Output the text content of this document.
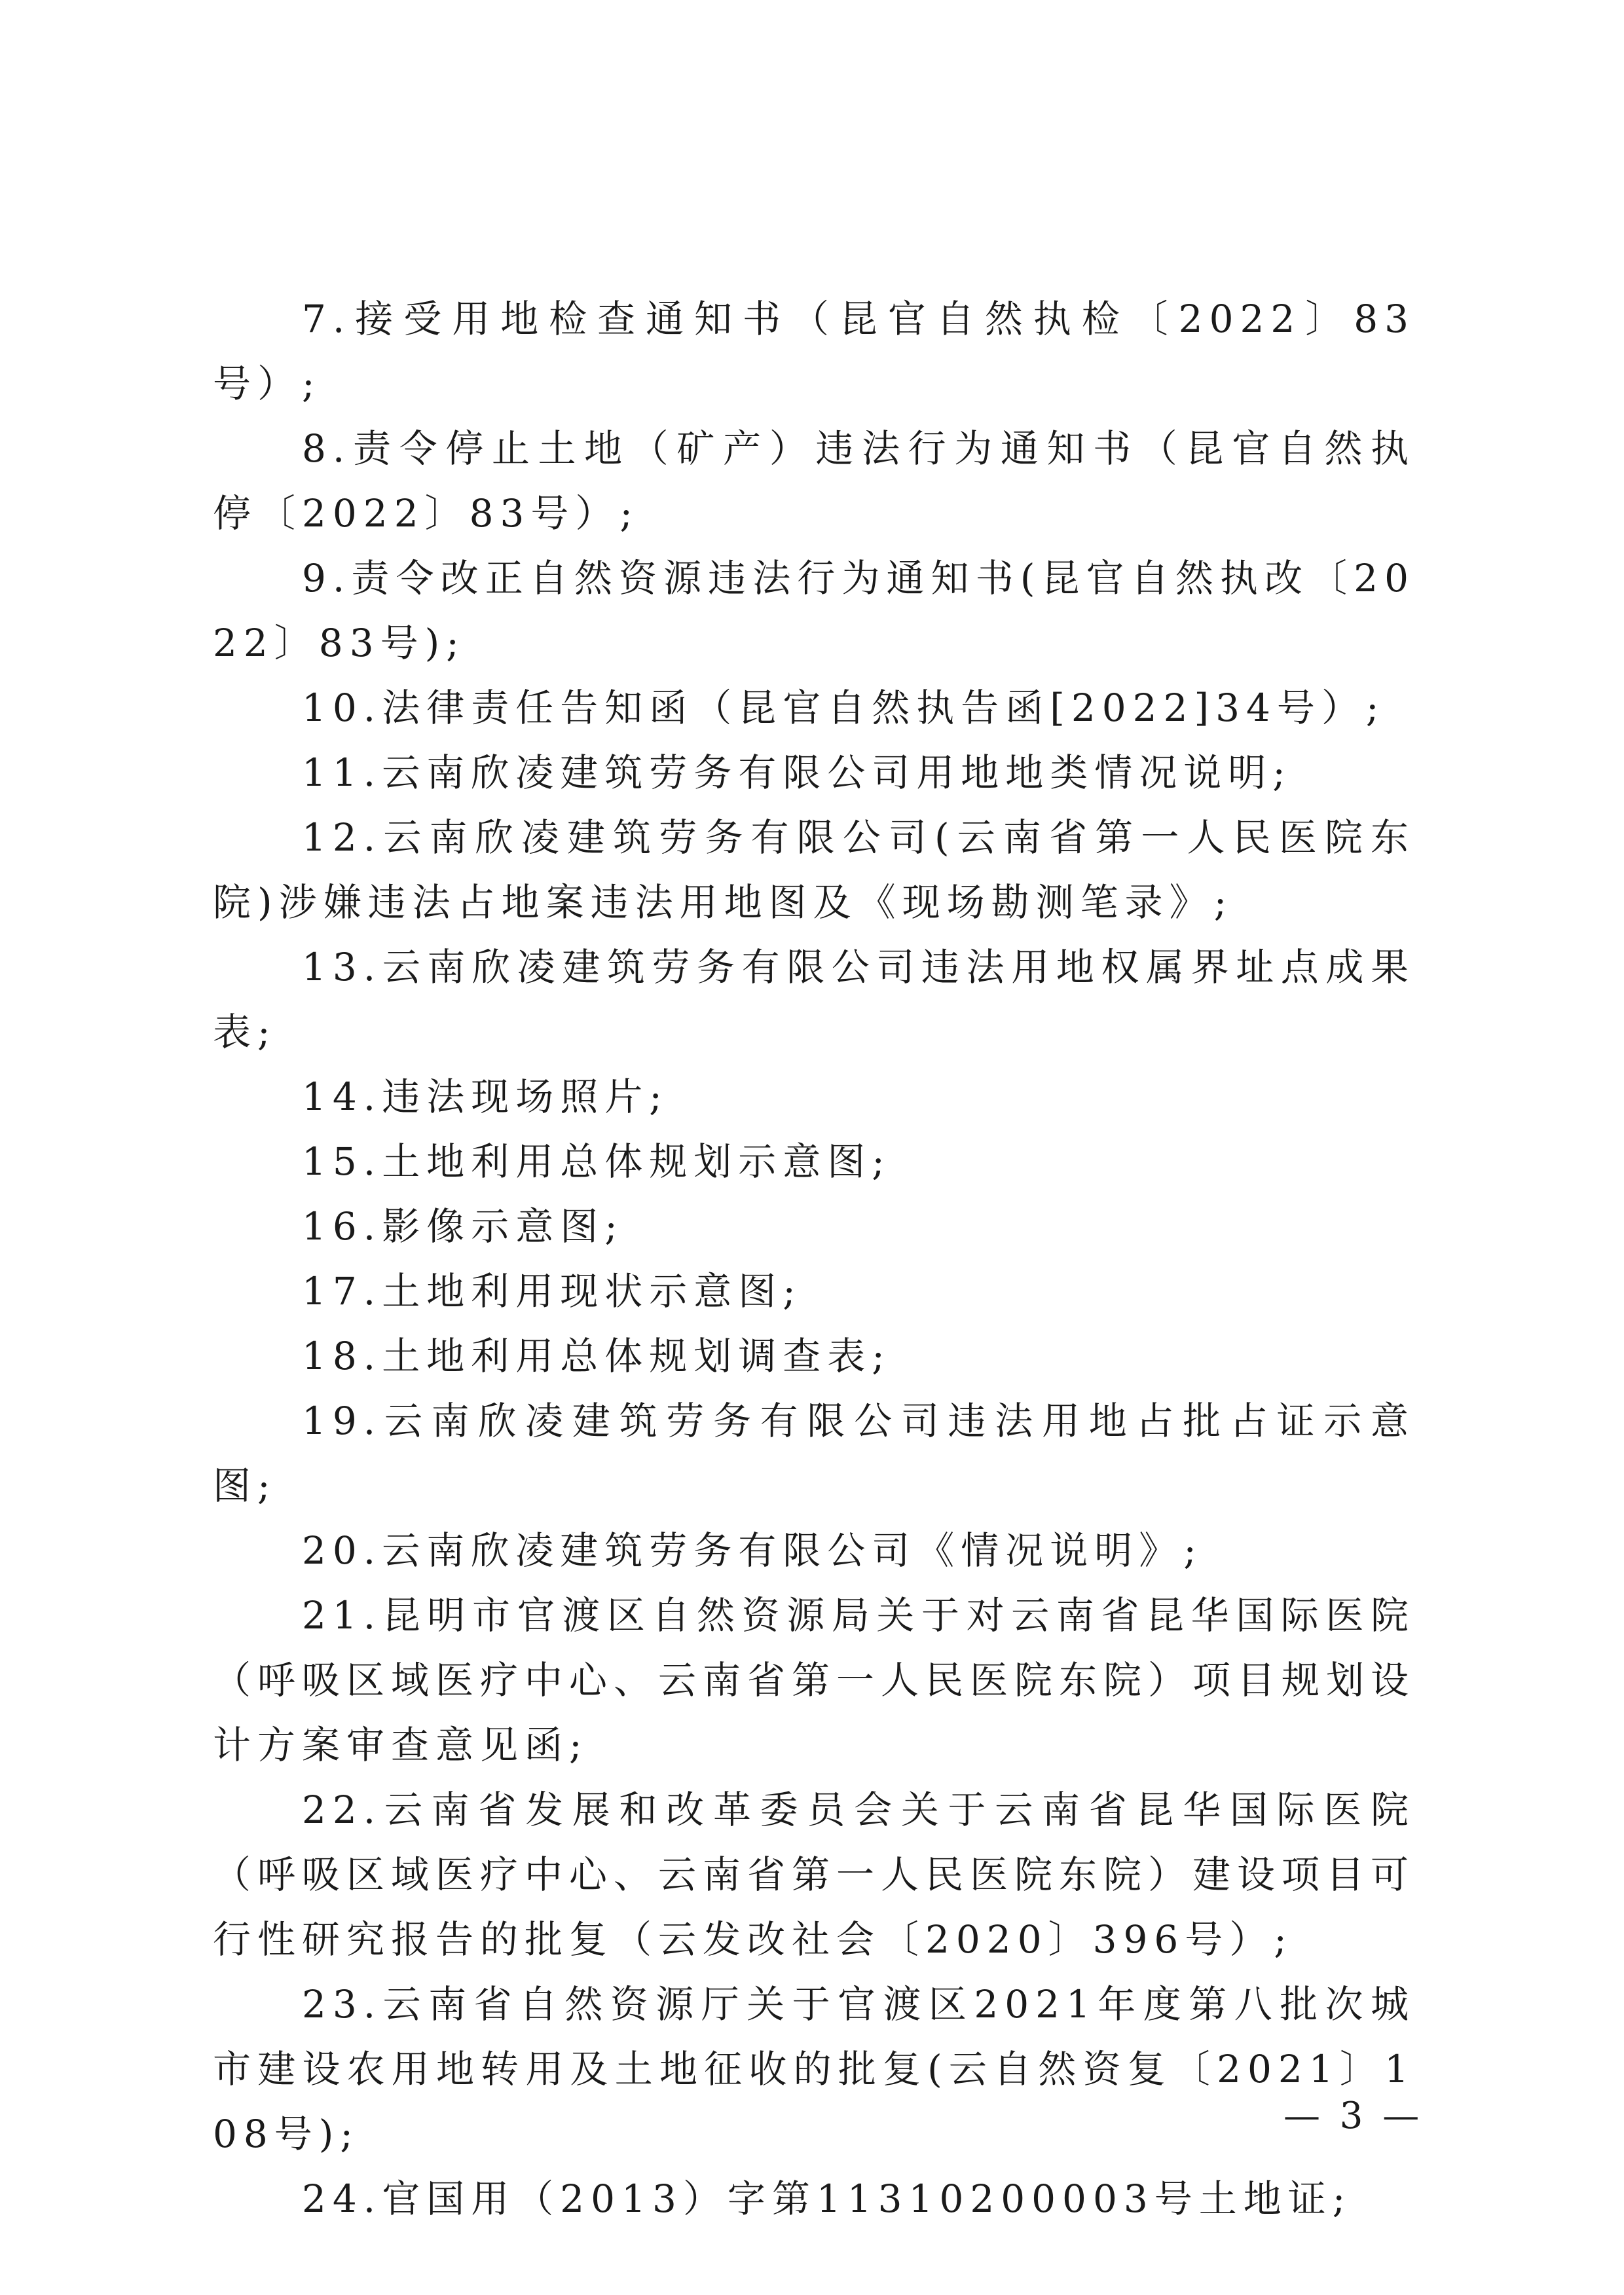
7.接受用地检查通知书（昆官自然执检〔2022〕83号）;

8.责令停止土地（矿产）违法行为通知书（昆官自然执停〔2022〕83号）;

9.责令改正自然资源违法行为通知书(昆官自然执改〔2022〕83号);

10.法律责任告知函（昆官自然执告函[2022]34号）;

11.云南欣凌建筑劳务有限公司用地地类情况说明;

12.云南欣凌建筑劳务有限公司(云南省第一人民医院东院)涉嫌违法占地案违法用地图及《现场勘测笔录》;

13.云南欣凌建筑劳务有限公司违法用地权属界址点成果表;

14.违法现场照片;

15.土地利用总体规划示意图;

16.影像示意图;

17.土地利用现状示意图;

18.土地利用总体规划调查表;

19.云南欣凌建筑劳务有限公司违法用地占批占证示意图;

20.云南欣凌建筑劳务有限公司《情况说明》;

21.昆明市官渡区自然资源局关于对云南省昆华国际医院（呼吸区域医疗中心、云南省第一人民医院东院）项目规划设计方案审查意见函;

22.云南省发展和改革委员会关于云南省昆华国际医院（呼吸区域医疗中心、云南省第一人民医院东院）建设项目可行性研究报告的批复（云发改社会〔2020〕396号）;

23.云南省自然资源厅关于官渡区2021年度第八批次城市建设农用地转用及土地征收的批复(云自然资复〔2021〕108号);

24.官国用（2013）字第11310200003号土地证;

— 3 —
